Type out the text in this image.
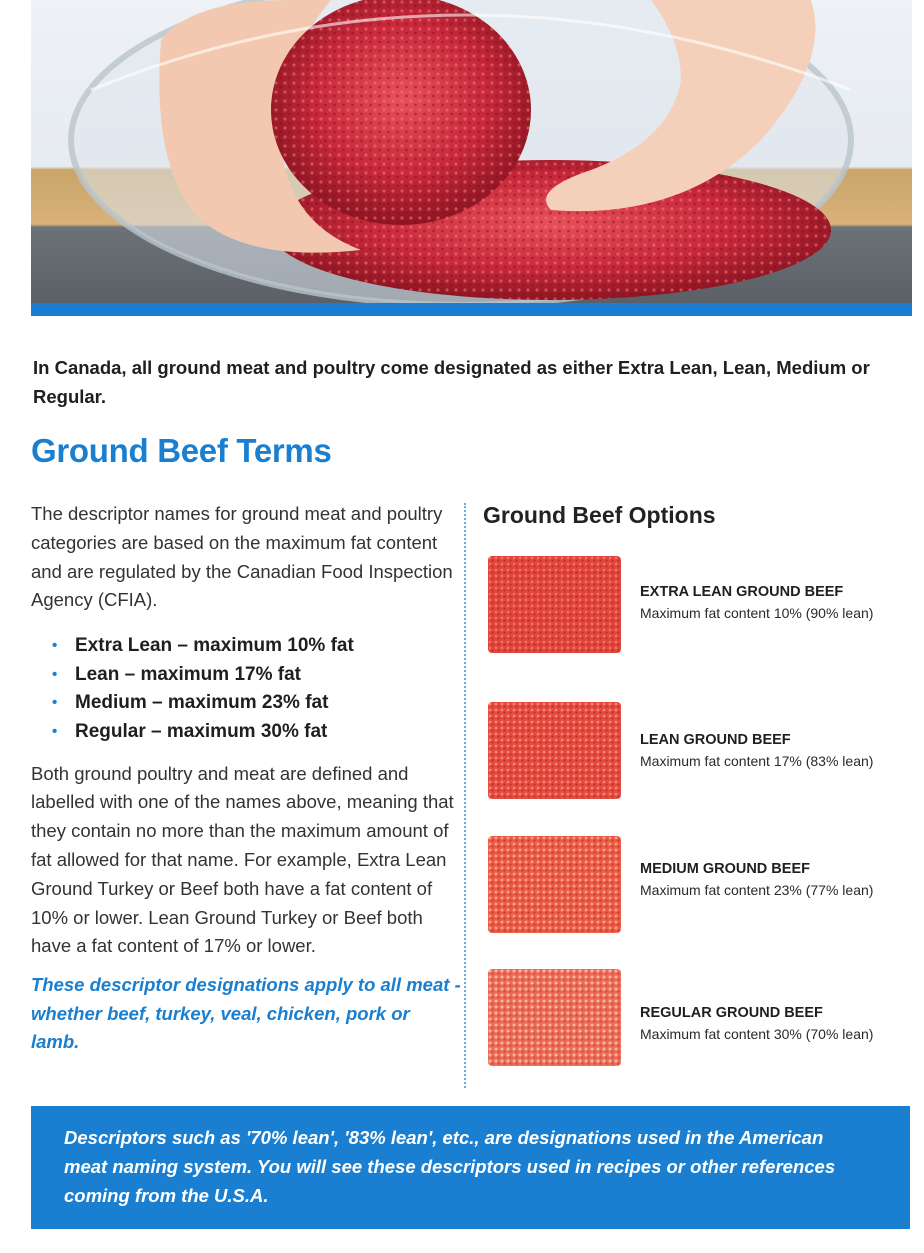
In Canada, all ground meat and poultry come designated as either Extra Lean, Lean, Medium or Regular.

Ground Beef Terms

The descriptor names for ground meat and poultry categories are based on the maximum fat content and are regulated by the Canadian Food Inspection Agency (CFIA).

• Extra Lean – maximum 10% fat
• Lean – maximum 17% fat
• Medium – maximum 23% fat
• Regular – maximum 30% fat

Both ground poultry and meat are defined and labelled with one of the names above, meaning that they contain no more than the maximum amount of fat allowed for that name. For example, Extra Lean Ground Turkey or Beef both have a fat content of 10% or lower. Lean Ground Turkey or Beef both have a fat content of 17% or lower.

These descriptor designations apply to all meat - whether beef, turkey, veal, chicken, pork or lamb.

Ground Beef Options
EXTRA LEAN GROUND BEEF
Maximum fat content 10% (90% lean)
LEAN GROUND BEEF
Maximum fat content 17% (83% lean)
MEDIUM GROUND BEEF
Maximum fat content 23% (77% lean)
REGULAR GROUND BEEF
Maximum fat content 30% (70% lean)

Descriptors such as '70% lean', '83% lean', etc., are designations used in the American meat naming system. You will see these descriptors used in recipes or other references coming from the U.S.A.
